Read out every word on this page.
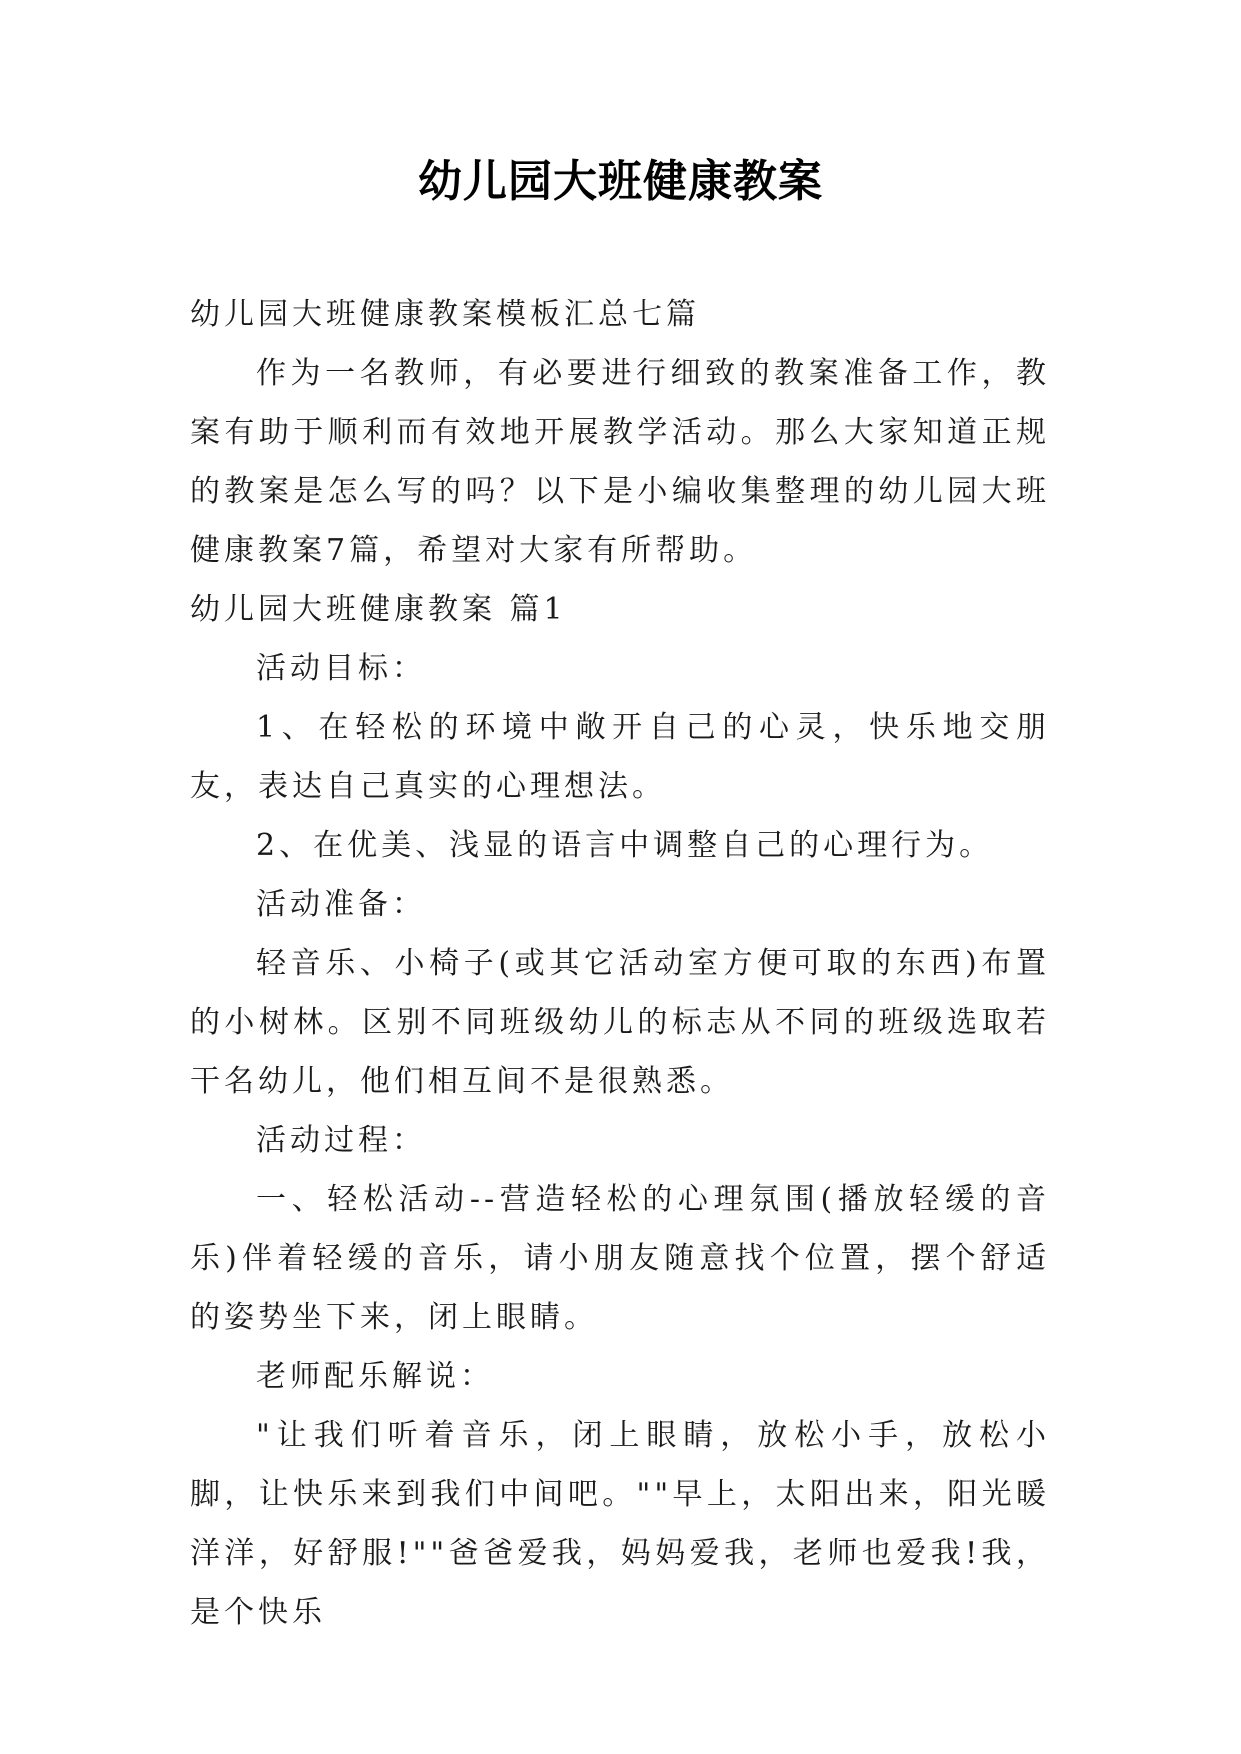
幼儿园大班健康教案

幼儿园大班健康教案模板汇总七篇

作为一名教师，有必要进行细致的教案准备工作，教案有助于顺利而有效地开展教学活动。那么大家知道正规的教案是怎么写的吗？以下是小编收集整理的幼儿园大班健康教案7篇，希望对大家有所帮助。

幼儿园大班健康教案 篇1

活动目标：

1、在轻松的环境中敞开自己的心灵，快乐地交朋友，表达自己真实的心理想法。

2、在优美、浅显的语言中调整自己的心理行为。

活动准备：

轻音乐、小椅子(或其它活动室方便可取的东西)布置的小树林。区别不同班级幼儿的标志从不同的班级选取若干名幼儿，他们相互间不是很熟悉。

活动过程：

一、轻松活动--营造轻松的心理氛围(播放轻缓的音乐)伴着轻缓的音乐，请小朋友随意找个位置，摆个舒适的姿势坐下来，闭上眼睛。

老师配乐解说：

"让我们听着音乐，闭上眼睛，放松小手，放松小脚，让快乐来到我们中间吧。""早上，太阳出来，阳光暖洋洋，好舒服!""爸爸爱我，妈妈爱我，老师也爱我!我，是个快乐
